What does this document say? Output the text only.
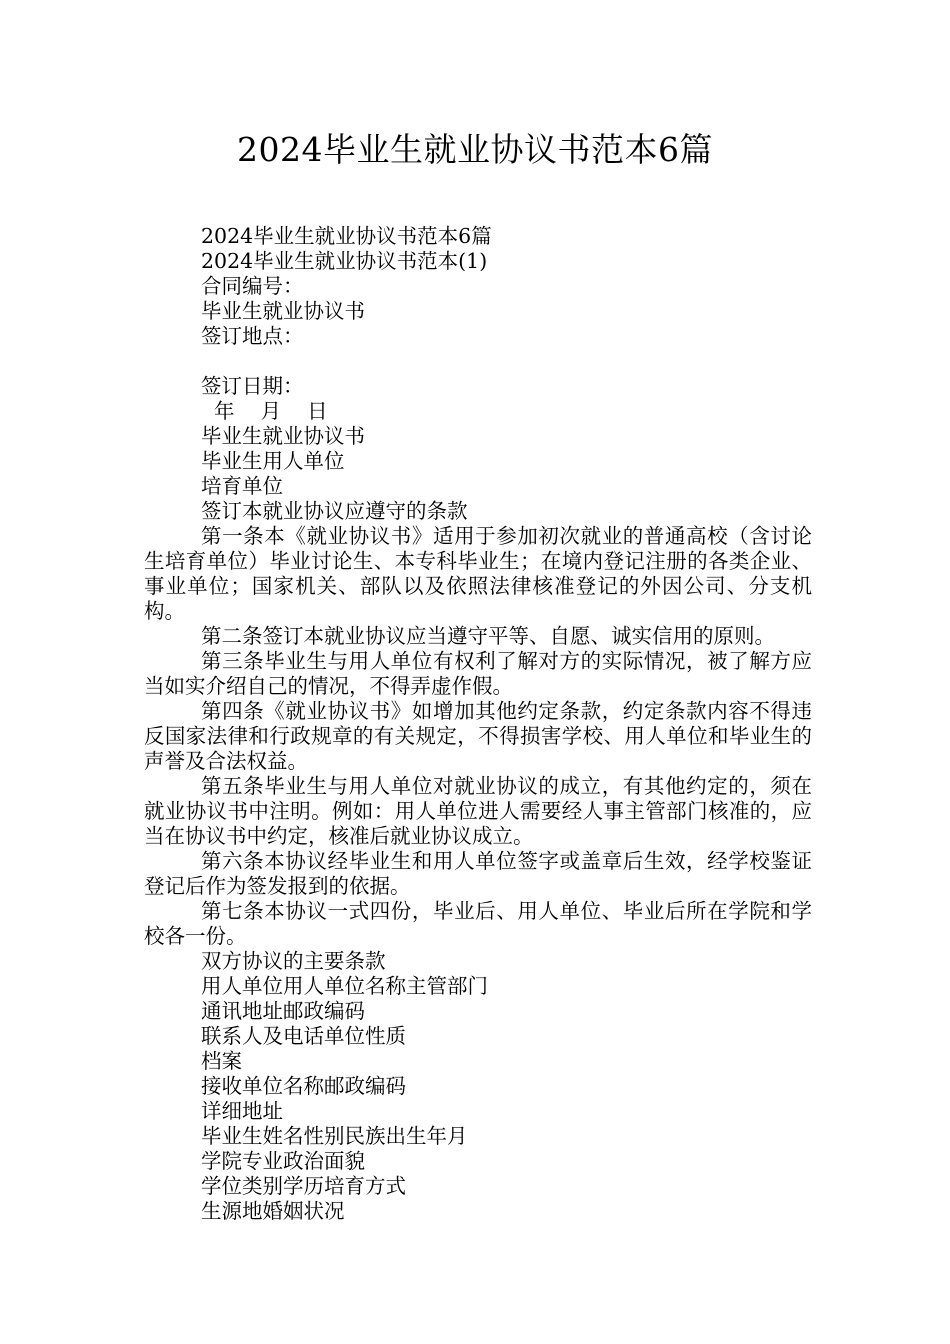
2024毕业生就业协议书范本6篇

2024毕业生就业协议书范本6篇

2024毕业生就业协议书范本(1)

合同编号：

毕业生就业协议书

签订地点：

签订日期：

年    月    日

毕业生就业协议书

毕业生用人单位

培育单位

签订本就业协议应遵守的条款

第一条本《就业协议书》适用于参加初次就业的普通高校（含讨论生培育单位）毕业讨论生、本专科毕业生；在境内登记注册的各类企业、事业单位；国家机关、部队以及依照法律核准登记的外因公司、分支机构。

第二条签订本就业协议应当遵守平等、自愿、诚实信用的原则。

第三条毕业生与用人单位有权利了解对方的实际情况，被了解方应当如实介绍自己的情况，不得弄虚作假。

第四条《就业协议书》如增加其他约定条款，约定条款内容不得违反国家法律和行政规章的有关规定，不得损害学校、用人单位和毕业生的声誉及合法权益。

第五条毕业生与用人单位对就业协议的成立，有其他约定的，须在就业协议书中注明。例如：用人单位进人需要经人事主管部门核准的，应当在协议书中约定，核准后就业协议成立。

第六条本协议经毕业生和用人单位签字或盖章后生效，经学校鉴证登记后作为签发报到的依据。

第七条本协议一式四份，毕业后、用人单位、毕业后所在学院和学校各一份。

双方协议的主要条款

用人单位用人单位名称主管部门

通讯地址邮政编码

联系人及电话单位性质

档案

接收单位名称邮政编码

详细地址

毕业生姓名性别民族出生年月

学院专业政治面貌

学位类别学历培育方式

生源地婚姻状况
